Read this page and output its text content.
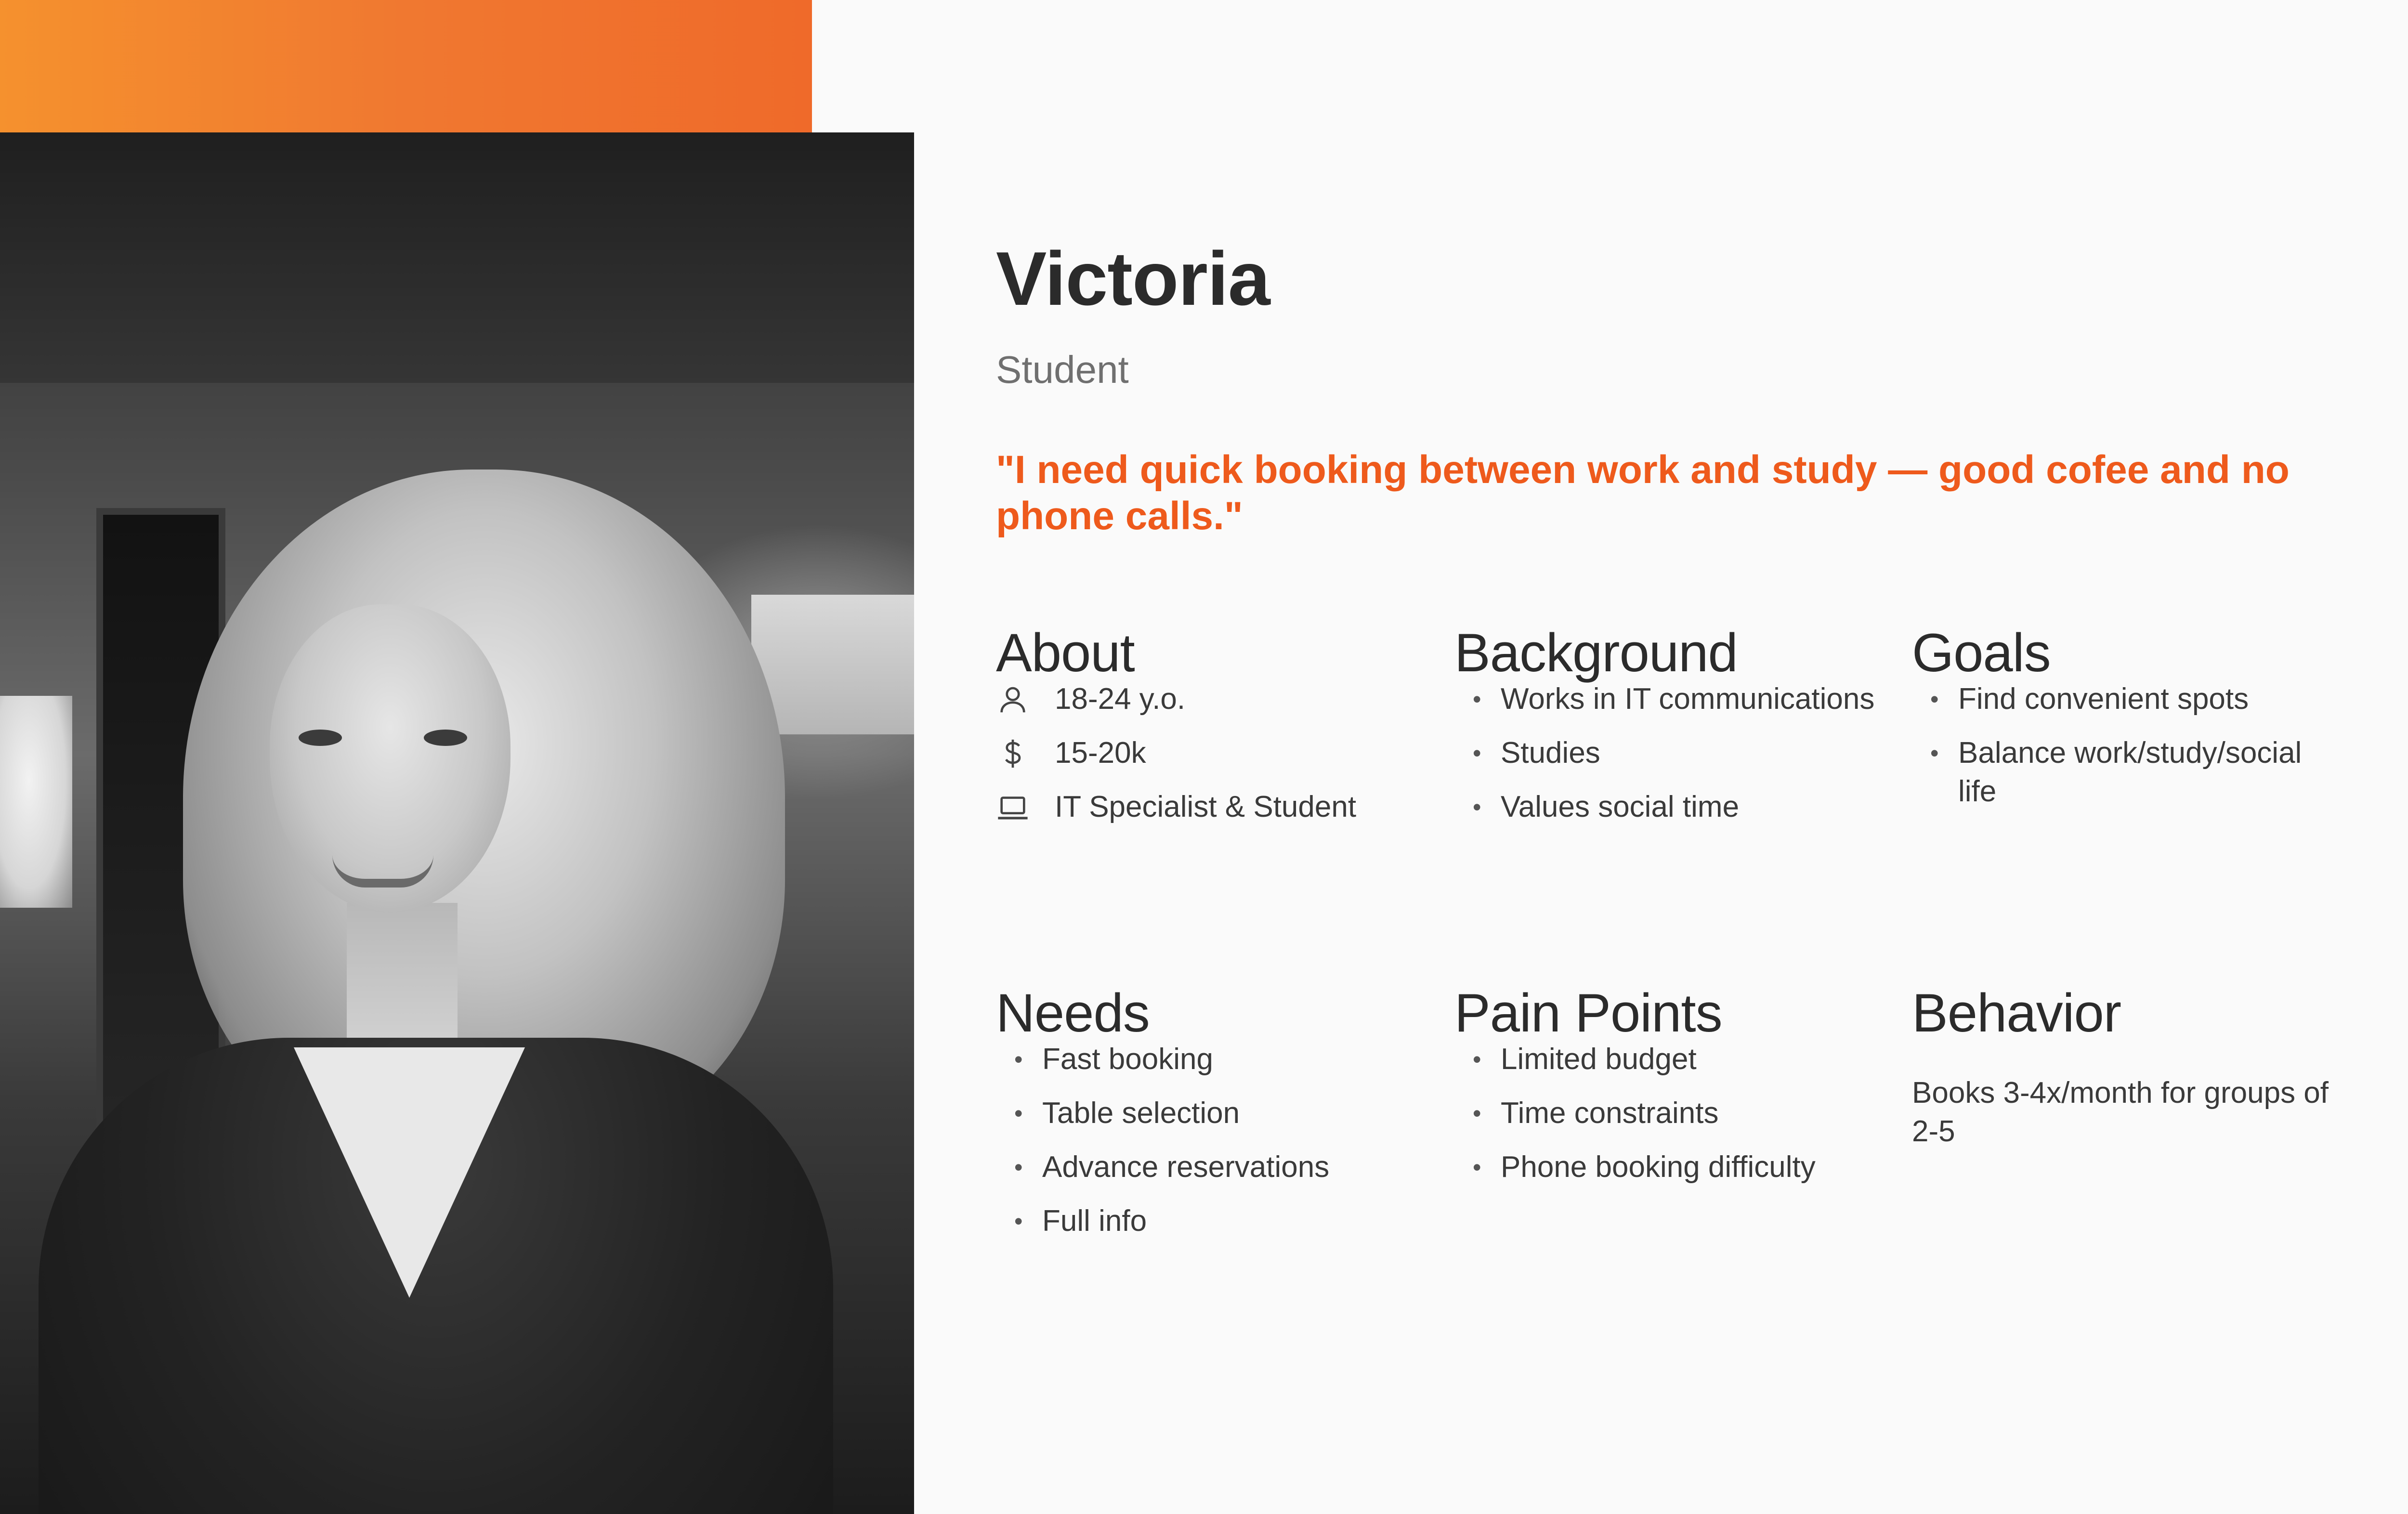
Victoria
Student
"I need quick booking between work and study — good cofee and no phone calls."
About
18-24 y.o.
15-20k
IT Specialist & Student
Background
• Works in IT communications
• Studies
• Values social time
Goals
• Find convenient spots
• Balance work/study/social life
Needs
• Fast booking
• Table selection
• Advance reservations
• Full info
Pain Points
• Limited budget
• Time constraints
• Phone booking difficulty
Behavior
Books 3-4x/month for groups of 2-5
